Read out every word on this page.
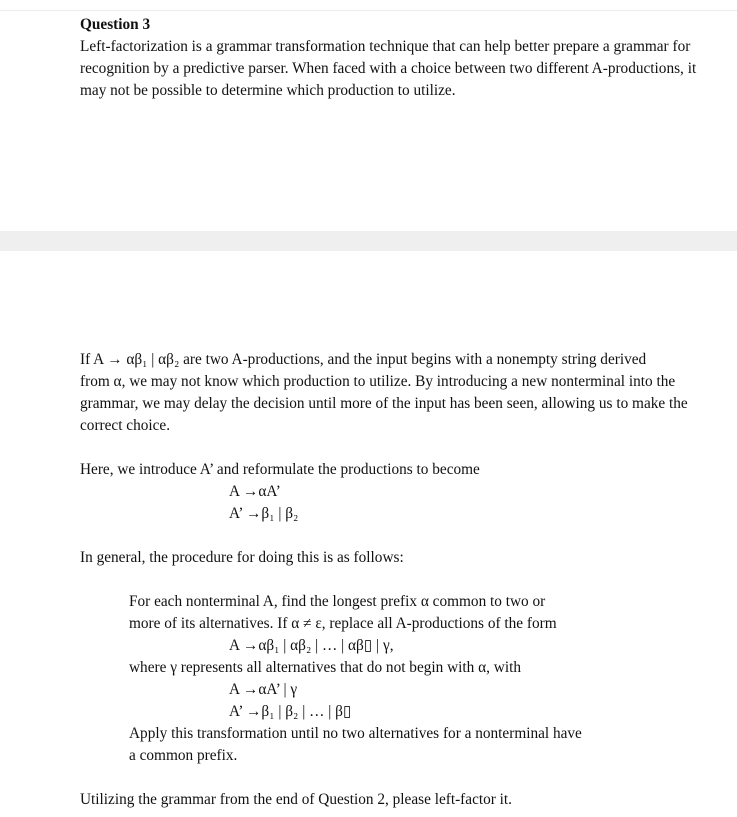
Question 3
Left-factorization is a grammar transformation technique that can help better prepare a grammar for recognition by a predictive parser. When faced with a choice between two different A-productions, it may not be possible to determine which production to utilize.
If A → αβ₁ | αβ₂ are two A-productions, and the input begins with a nonempty string derived
from α, we may not know which production to utilize. By introducing a new nonterminal into the grammar, we may delay the decision until more of the input has been seen, allowing us to make the correct choice.
Here, we introduce A’ and reformulate the productions to become
A →αA’
A’ →β₁ | β₂
In general, the procedure for doing this is as follows:
For each nonterminal A, find the longest prefix α common to two or
more of its alternatives. If α ≠ ε, replace all A-productions of the form
A →αβ₁ | αβ₂ | … | αβ▯ | γ,
where γ represents all alternatives that do not begin with α, with
A →αA’ | γ
A’ →β₁ | β₂ | … | β▯
Apply this transformation until no two alternatives for a nonterminal have
a common prefix.
Utilizing the grammar from the end of Question 2, please left-factor it.
